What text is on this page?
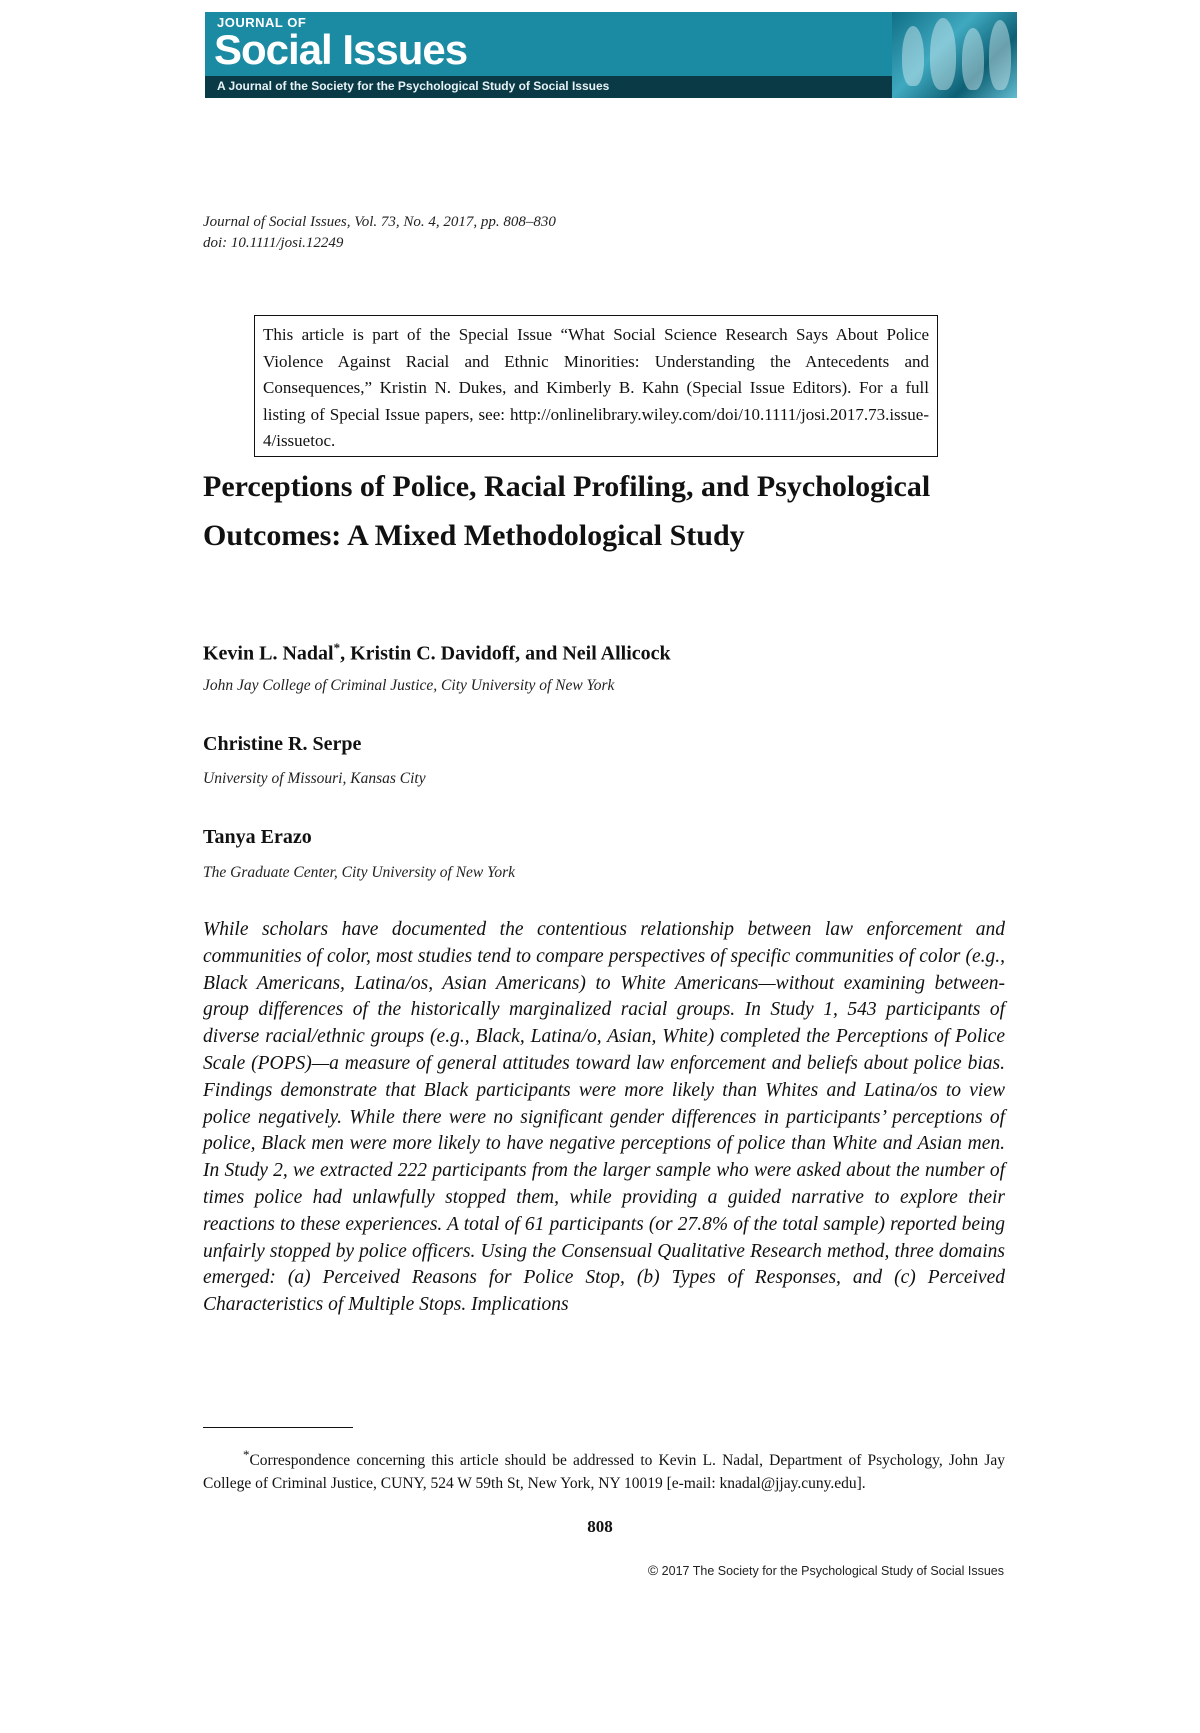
JOURNAL OF

Social Issues

A Journal of the Society for the Psychological Study of Social Issues

Journal of Social Issues, Vol. 73, No. 4, 2017, pp. 808–830
doi: 10.1111/josi.12249
This article is part of the Special Issue “What Social Science Research Says About Police Violence Against Racial and Ethnic Minorities: Understanding the Antecedents and Consequences,” Kristin N. Dukes, and Kimberly B. Kahn (Special Issue Editors). For a full listing of Special Issue papers, see: http://onlinelibrary.wiley.com/doi/10.1111/josi.2017.73.issue-4/issuetoc.
Perceptions of Police, Racial Profiling, and Psychological Outcomes: A Mixed Methodological Study

Kevin L. Nadal*, Kristin C. Davidoff, and Neil Allicock

John Jay College of Criminal Justice, City University of New York

Christine R. Serpe

University of Missouri, Kansas City

Tanya Erazo

The Graduate Center, City University of New York

While scholars have documented the contentious relationship between law enforcement and communities of color, most studies tend to compare perspectives of specific communities of color (e.g., Black Americans, Latina/os, Asian Americans) to White Americans—without examining between-group differences of the historically marginalized racial groups. In Study 1, 543 participants of diverse racial/ethnic groups (e.g., Black, Latina/o, Asian, White) completed the Perceptions of Police Scale (POPS)—a measure of general attitudes toward law enforcement and beliefs about police bias. Findings demonstrate that Black participants were more likely than Whites and Latina/os to view police negatively. While there were no significant gender differences in participants’ perceptions of police, Black men were more likely to have negative perceptions of police than White and Asian men. In Study 2, we extracted 222 participants from the larger sample who were asked about the number of times police had unlawfully stopped them, while providing a guided narrative to explore their reactions to these experiences. A total of 61 participants (or 27.8% of the total sample) reported being unfairly stopped by police officers. Using the Consensual Qualitative Research method, three domains emerged: (a) Perceived Reasons for Police Stop, (b) Types of Responses, and (c) Perceived Characteristics of Multiple Stops. Implications

*Correspondence concerning this article should be addressed to Kevin L. Nadal, Department of Psychology, John Jay College of Criminal Justice, CUNY, 524 W 59th St, New York, NY 10019 [e-mail: knadal@jjay.cuny.edu].

808

© 2017 The Society for the Psychological Study of Social Issues
